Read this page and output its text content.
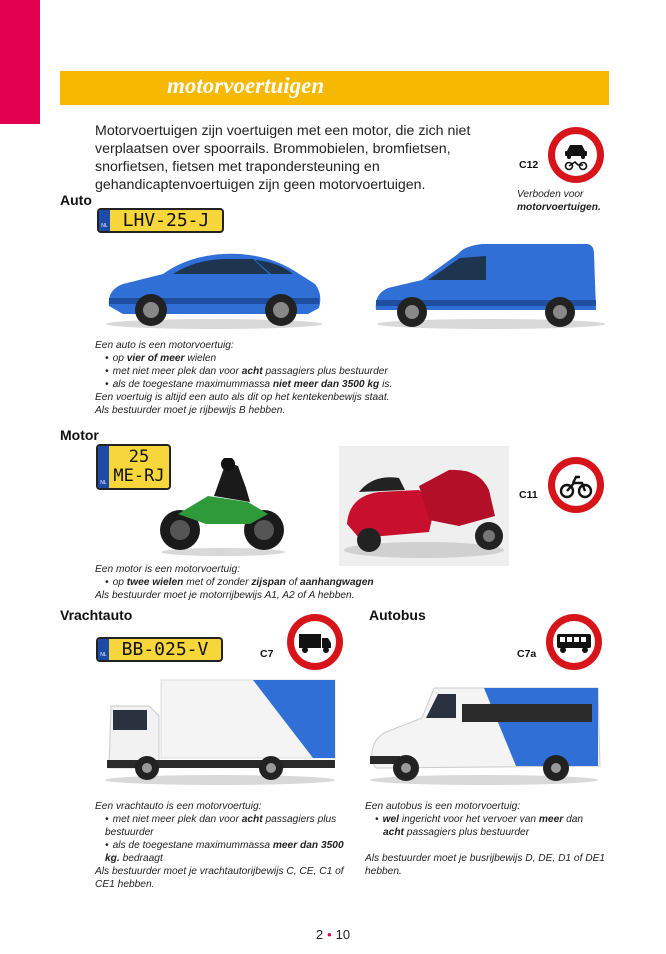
motorvoertuigen
Motorvoertuigen zijn voertuigen met een motor, die zich niet verplaatsen over spoorrails. Brommobielen, bromfietsen, snorfietsen, fietsen met trapondersteuning en gehandicaptenvoertuigen zijn geen motorvoertuigen.
C12
Verboden voor
motorvoertuigen.
Auto
NL LHV-25-J
Een auto is een motorvoertuig:
• op vier of meer wielen
• met niet meer plek dan voor acht passagiers plus bestuurder
• als de toegestane maximummassa niet meer dan 3500 kg is.
Een voertuig is altijd een auto als dit op het kentekenbewijs staat.
Als bestuurder moet je rijbewijs B hebben.
Motor
NL
25
ME-RJ
C11
Een motor is een motorvoertuig:
• op twee wielen met of zonder zijspan of aanhangwagen
Als bestuurder moet je motorrijbewijs A1, A2 of A hebben.
Vrachtauto
NL BB-025-V	C7
Een vrachtauto is een motorvoertuig:
• met niet meer plek dan voor acht passagiers plus bestuurder
• als de toegestane maximummassa meer dan 3500 kg. bedraagt
Als bestuurder moet je vrachtautorijbewijs C, CE, C1 of CE1 hebben.
Autobus
C7a
Een autobus is een motorvoertuig:
• wel ingericht voor het vervoer van meer dan
acht passagiers plus bestuurder
Als bestuurder moet je busrijbewijs D, DE, D1 of DE1 hebben.
2 • 10
